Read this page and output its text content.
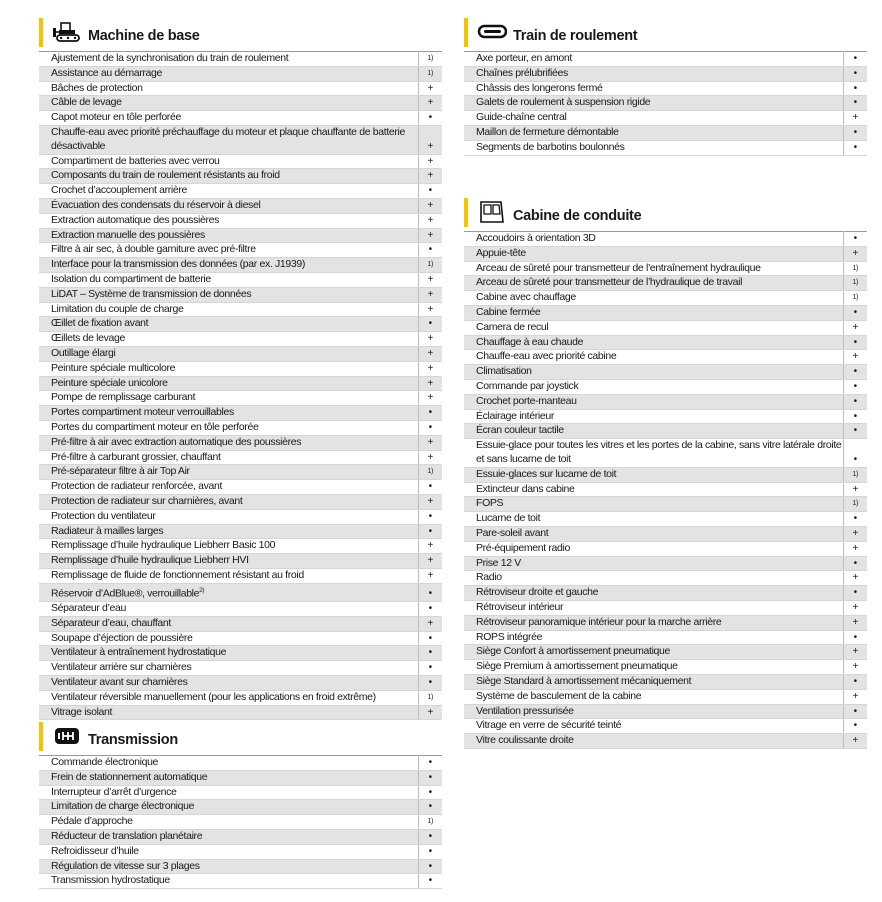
Machine de base
Ajustement de la synchronisation du train de roulement	1)
Assistance au démarrage	1)
Bâches de protection	+
Câble de levage	+
Capot moteur en tôle perforée	•
Chauffe-eau avec priorité préchauffage du moteur et plaque chauffante de batterie désactivable	+
Compartiment de batteries avec verrou	+
Composants du train de roulement résistants au froid	+
Crochet d’accouplement arrière	•
Évacuation des condensats du réservoir à diesel	+
Extraction automatique des poussières	+
Extraction manuelle des poussières	+
Filtre à air sec, à double garniture avec pré-filtre	•
Interface pour la transmission des données (par ex. J1939)	1)
Isolation du compartiment de batterie	+
LiDAT – Système de transmission de données	+
Limitation du couple de charge	+
Œillet de fixation avant	•
Œillets de levage	+
Outillage élargi	+
Peinture spéciale multicolore	+
Peinture spéciale unicolore	+
Pompe de remplissage carburant	+
Portes compartiment moteur verrouillables	•
Portes du compartiment moteur en tôle perforée	•
Pré-filtre à air avec extraction automatique des poussières	+
Pré-filtre à carburant grossier, chauffant	+
Pré-séparateur filtre à air Top Air	1)
Protection de radiateur renforcée, avant	•
Protection de radiateur sur charnières, avant	+
Protection du ventilateur	•
Radiateur à mailles larges	•
Remplissage d’huile hydraulique Liebherr Basic 100	+
Remplissage d’huile hydraulique Liebherr HVI	+
Remplissage de fluide de fonctionnement résistant au froid	+
Réservoir d’AdBlue®, verrouillable$^{2)}$	•
Séparateur d’eau	•
Séparateur d’eau, chauffant	+
Soupape d’éjection de poussière	•
Ventilateur à entraînement hydrostatique	•
Ventilateur arrière sur charnières	•
Ventilateur avant sur charnières	•
Ventilateur réversible manuellement (pour les applications en froid extrême)	1)
Vitrage isolant	+
Transmission
Commande électronique	•
Frein de stationnement automatique	•
Interrupteur d’arrêt d’urgence	•
Limitation de charge électronique	•
Pédale d’approche	1)
Réducteur de translation planétaire	•
Refroidisseur d’huile	•
Régulation de vitesse sur 3 plages	•
Transmission hydrostatique	•
Train de roulement
Axe porteur, en amont	•
Chaînes prélubrifiées	•
Châssis des longerons fermé	•
Galets de roulement à suspension rigide	•
Guide-chaîne central	+
Maillon de fermeture démontable	•
Segments de barbotins boulonnés	•
Cabine de conduite
Accoudoirs à orientation 3D	•
Appuie-tête	+
Arceau de sûreté pour transmetteur de l’entraînement hydraulique	1)
Arceau de sûreté pour transmetteur de l’hydraulique de travail	1)
Cabine avec chauffage	1)
Cabine fermée	•
Camera de recul	+
Chauffage à eau chaude	•
Chauffe-eau avec priorité cabine	+
Climatisation	•
Commande par joystick	•
Crochet porte-manteau	•
Éclairage intérieur	•
Écran couleur tactile	•
Essuie-glace pour toutes les vitres et les portes de la cabine, sans vitre latérale droite et sans lucarne de toit	•
Essuie-glaces sur lucarne de toit	1)
Extincteur dans cabine	+
FOPS	1)
Lucarne de toit	•
Pare-soleil avant	+
Pré-équipement radio	+
Prise 12 V	•
Radio	+
Rétroviseur droite et gauche	•
Rétroviseur intérieur	+
Rétroviseur panoramique intérieur pour la marche arrière	+
ROPS intégrée	•
Siège Confort à amortissement pneumatique	+
Siège Premium à amortissement pneumatique	+
Siège Standard à amortissement mécaniquement	•
Système de basculement de la cabine	+
Ventilation pressurisée	•
Vitrage en verre de sécurité teinté	•
Vitre coulissante droite	+
